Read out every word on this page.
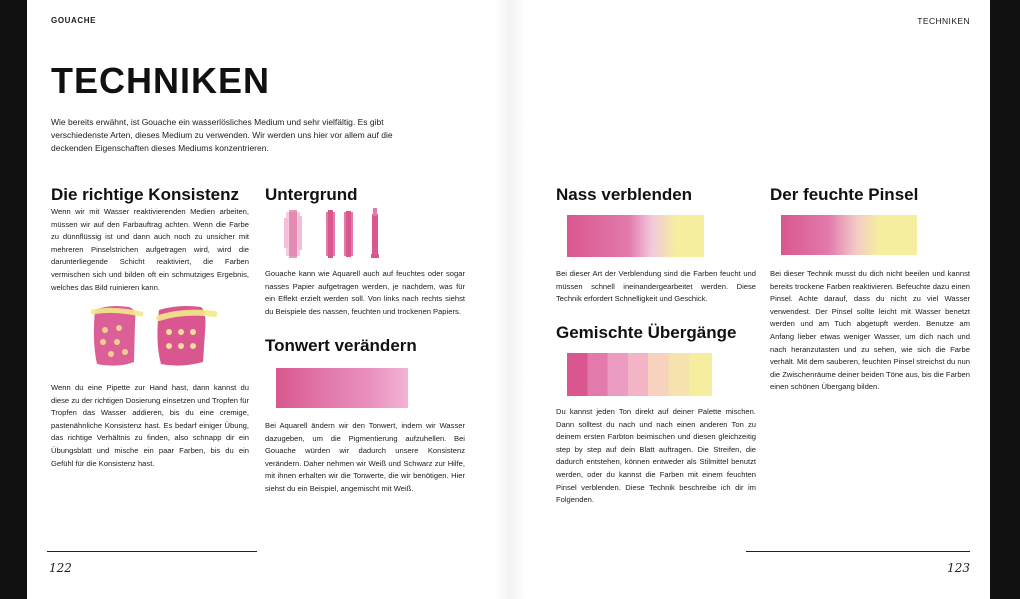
GOUACHE
TECHNIKEN

Wie bereits erwähnt, ist Gouache ein wasserlösliches Medium und sehr vielfältig. Es gibt verschiedenste Arten, dieses Medium zu verwenden. Wir werden uns hier vor allem auf die deckenden Eigenschaften dieses Mediums konzentrieren.

Die richtige Konsistenz

Wenn wir mit Wasser reaktivierenden Medien arbeiten, müssen wir auf den Farbauftrag achten. Wenn die Farbe zu dünnflüssig ist und dann auch noch zu unsicher mit mehreren Pinselstrichen aufgetragen wird, wird die darunterliegende Schicht reaktiviert, die Farben vermischen sich und bilden oft ein schmutziges Ergebnis, welches das Bild ruinieren kann.

Wenn du eine Pipette zur Hand hast, dann kannst du diese zu der richtigen Dosierung einsetzen und Tropfen für Tropfen das Wasser addieren, bis du eine cremige, pastenähnliche Konsistenz hast. Es bedarf einiger Übung, das richtige Verhältnis zu finden, also schnapp dir ein Übungsblatt und mische ein paar Farben, bis du ein Gefühl für die Konsistenz hast.

Untergrund

Gouache kann wie Aquarell auch auf feuchtes oder sogar nasses Papier aufgetragen werden, je nachdem, was für ein Effekt erzielt werden soll. Von links nach rechts siehst du Beispiele des nassen, feuchten und trockenen Papiers.

Tonwert verändern

Bei Aquarell ändern wir den Tonwert, indem wir Wasser dazugeben, um die Pigmentierung aufzuhellen. Bei Gouache würden wir dadurch unsere Konsistenz verändern. Daher nehmen wir Weiß und Schwarz zur Hilfe, mit ihnen erhalten wir die Tonwerte, die wir benötigen. Hier siehst du ein Beispiel, angemischt mit Weiß.

122
TECHNIKEN
Nass verblenden

Bei dieser Art der Verblendung sind die Farben feucht und müssen schnell ineinandergearbeitet werden. Diese Technik erfordert Schnelligkeit und Geschick.

Gemischte Übergänge

Du kannst jeden Ton direkt auf deiner Palette mischen. Dann solltest du nach und nach einen anderen Ton zu deinem ersten Farbton beimischen und diesen gleichzeitig step by step auf dein Blatt auftragen. Die Streifen, die dadurch entstehen, können entweder als Stilmittel benutzt werden, oder du kannst die Farben mit einem feuchten Pinsel verblenden. Diese Technik beschreibe ich dir im Folgenden.

Der feuchte Pinsel

Bei dieser Technik musst du dich nicht beeilen und kannst bereits trockene Farben reaktivieren. Befeuchte dazu einen Pinsel. Achte darauf, dass du nicht zu viel Wasser verwendest. Der Pinsel sollte leicht mit Wasser benetzt werden und am Tuch abgetupft werden. Benutze am Anfang lieber etwas weniger Wasser, um dich nach und nach heranzutasten und zu sehen, wie sich die Farbe verhält. Mit dem sauberen, feuchten Pinsel streichst du nun die Zwischenräume deiner beiden Töne aus, bis die Farben einen schönen Übergang bilden.

123
